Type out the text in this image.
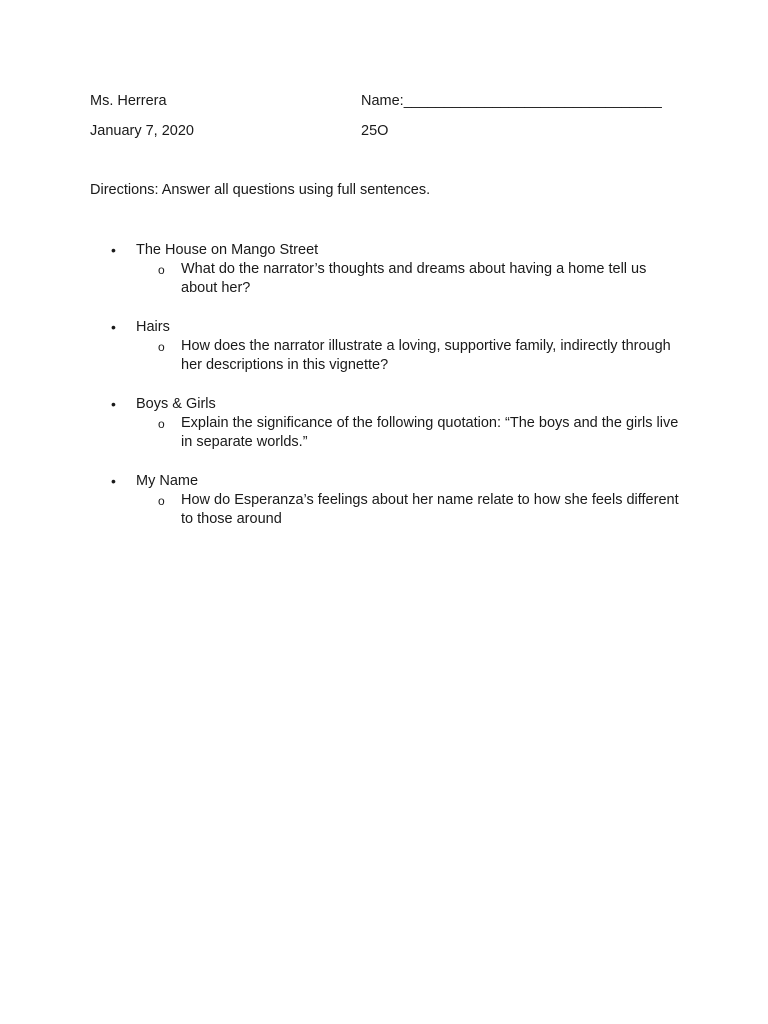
Ms. Herrera	Name:________________________________
January 7, 2020	25O
Directions: Answer all questions using full sentences.
• The House on Mango Street
o What do the narrator’s thoughts and dreams about having a home tell us about her?
• Hairs
o How does the narrator illustrate a loving, supportive family, indirectly through her descriptions in this vignette?
• Boys & Girls
o Explain the significance of the following quotation: “The boys and the girls live in separate worlds.”
• My Name
o How do Esperanza’s feelings about her name relate to how she feels different to those around
